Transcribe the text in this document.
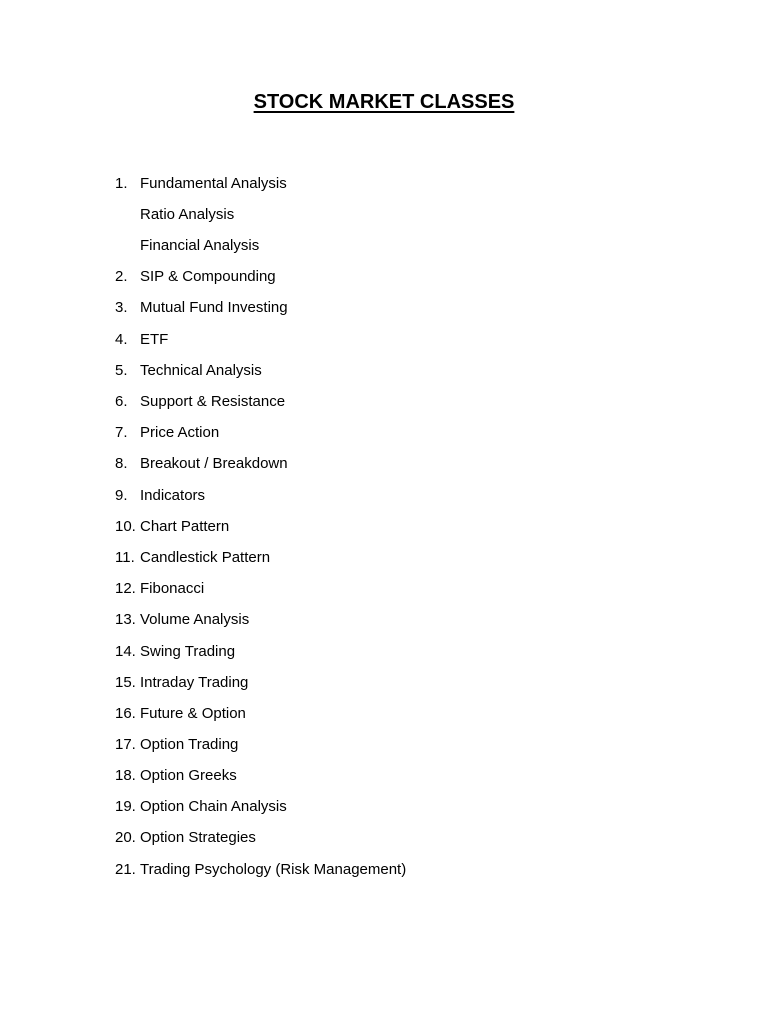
STOCK MARKET CLASSES
1. Fundamental Analysis
Ratio Analysis
Financial Analysis
2. SIP & Compounding
3. Mutual Fund Investing
4. ETF
5. Technical Analysis
6. Support & Resistance
7. Price Action
8. Breakout / Breakdown
9. Indicators
10. Chart Pattern
11. Candlestick Pattern
12. Fibonacci
13. Volume Analysis
14. Swing Trading
15. Intraday Trading
16. Future & Option
17. Option Trading
18. Option Greeks
19. Option Chain Analysis
20. Option Strategies
21. Trading Psychology (Risk Management)
